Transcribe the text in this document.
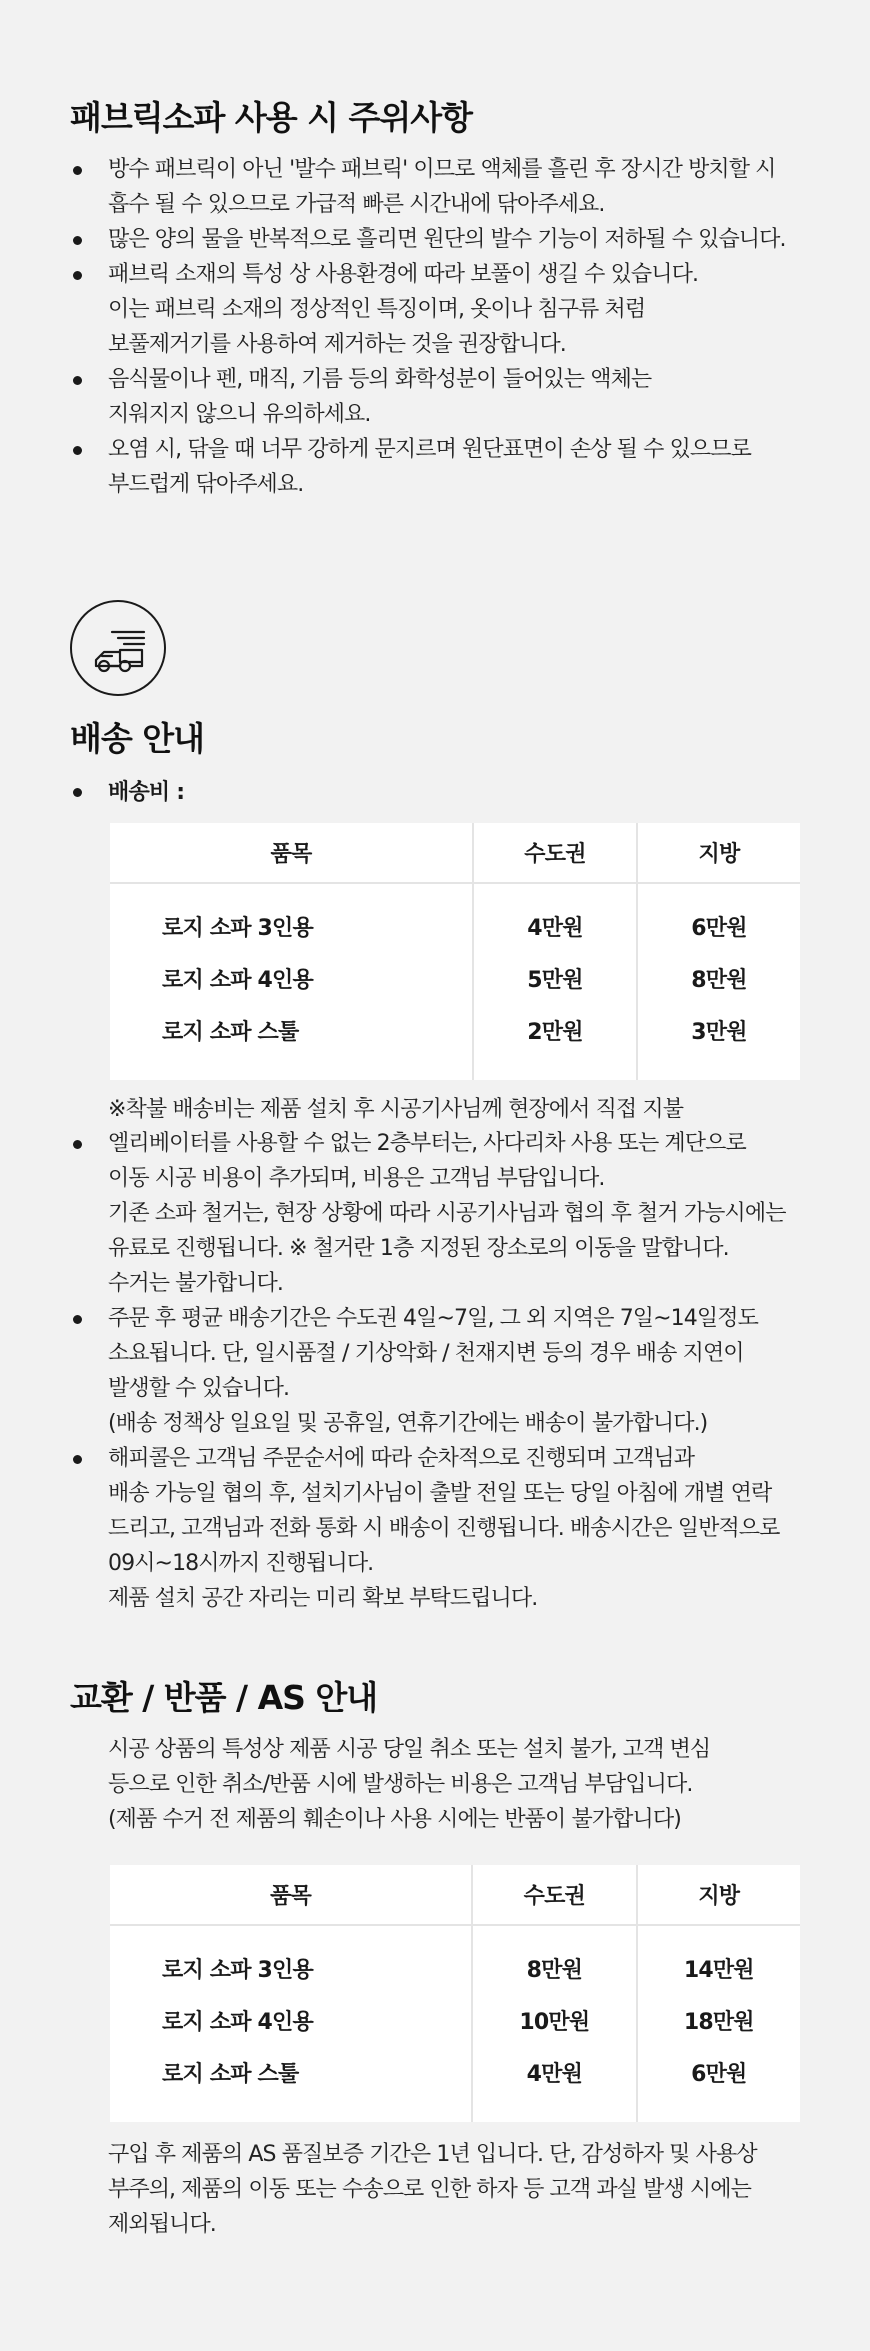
패브릭소파 사용 시 주위사항
방수 패브릭이 아닌 '발수 패브릭' 이므로 액체를 흘린 후 장시간 방치할 시
흡수 될 수 있으므로 가급적 빠른 시간내에 닦아주세요.
많은 양의 물을 반복적으로 흘리면 원단의 발수 기능이 저하될 수 있습니다.
패브릭 소재의 특성 상 사용환경에 따라 보풀이 생길 수 있습니다.
이는 패브릭 소재의 정상적인 특징이며, 옷이나 침구류 처럼
보풀제거기를 사용하여 제거하는 것을 권장합니다.
음식물이나 펜, 매직, 기름 등의 화학성분이 들어있는 액체는
지워지지 않으니 유의하세요.
오염 시, 닦을 때 너무 강하게 문지르며 원단표면이 손상 될 수 있으므로
부드럽게 닦아주세요.
배송 안내
배송비 :
품목	수도권	지방

로지 소파 3인용	4만원	6만원
로지 소파 4인용	5만원	8만원
로지 소파 스툴	2만원	3만원

※착불 배송비는 제품 설치 후 시공기사님께 현장에서 직접 지불
엘리베이터를 사용할 수 없는 2층부터는, 사다리차 사용 또는 계단으로
이동 시공 비용이 추가되며, 비용은 고객님 부담입니다.
기존 소파 철거는, 현장 상황에 따라 시공기사님과 협의 후 철거 가능시에는
유료로 진행됩니다. ※ 철거란 1층 지정된 장소로의 이동을 말합니다.
수거는 불가합니다.
주문 후 평균 배송기간은 수도권 4일~7일, 그 외 지역은 7일~14일정도
소요됩니다. 단, 일시품절 / 기상악화 / 천재지변 등의 경우 배송 지연이
발생할 수 있습니다.
(배송 정책상 일요일 및 공휴일, 연휴기간에는 배송이 불가합니다.)
해피콜은 고객님 주문순서에 따라 순차적으로 진행되며 고객님과
배송 가능일 협의 후, 설치기사님이 출발 전일 또는 당일 아침에 개별 연락
드리고, 고객님과 전화 통화 시 배송이 진행됩니다. 배송시간은 일반적으로
09시~18시까지 진행됩니다.
제품 설치 공간 자리는 미리 확보 부탁드립니다.
교환 / 반품 / AS 안내
시공 상품의 특성상 제품 시공 당일 취소 또는 설치 불가, 고객 변심
등으로 인한 취소/반품 시에 발생하는 비용은 고객님 부담입니다.
(제품 수거 전 제품의 훼손이나 사용 시에는 반품이 불가합니다)
품목	수도권	지방

로지 소파 3인용	8만원	14만원
로지 소파 4인용	10만원	18만원
로지 소파 스툴	4만원	6만원

구입 후 제품의 AS 품질보증 기간은 1년 입니다. 단, 감성하자 및 사용상
부주의, 제품의 이동 또는 수송으로 인한 하자 등 고객 과실 발생 시에는
제외됩니다.
